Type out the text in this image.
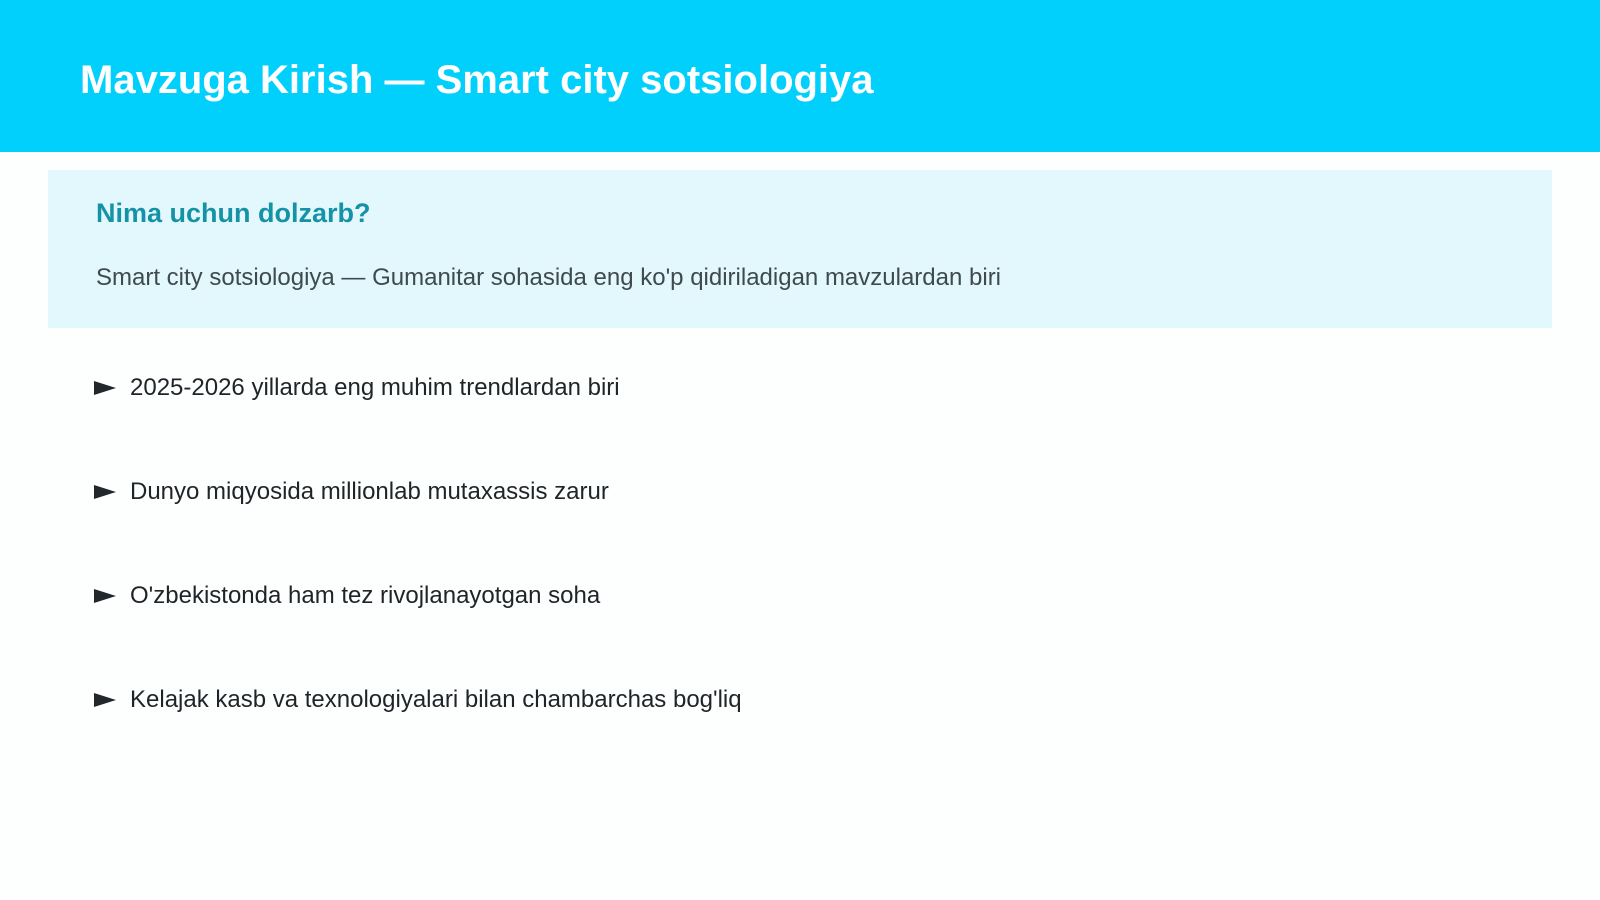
Mavzuga Kirish — Smart city sotsiologiya
Nima uchun dolzarb?

Smart city sotsiologiya — Gumanitar sohasida eng ko'p qidiriladigan mavzulardan biri

2025-2026 yillarda eng muhim trendlardan biri
Dunyo miqyosida millionlab mutaxassis zarur
O'zbekistonda ham tez rivojlanayotgan soha
Kelajak kasb va texnologiyalari bilan chambarchas bog'liq
